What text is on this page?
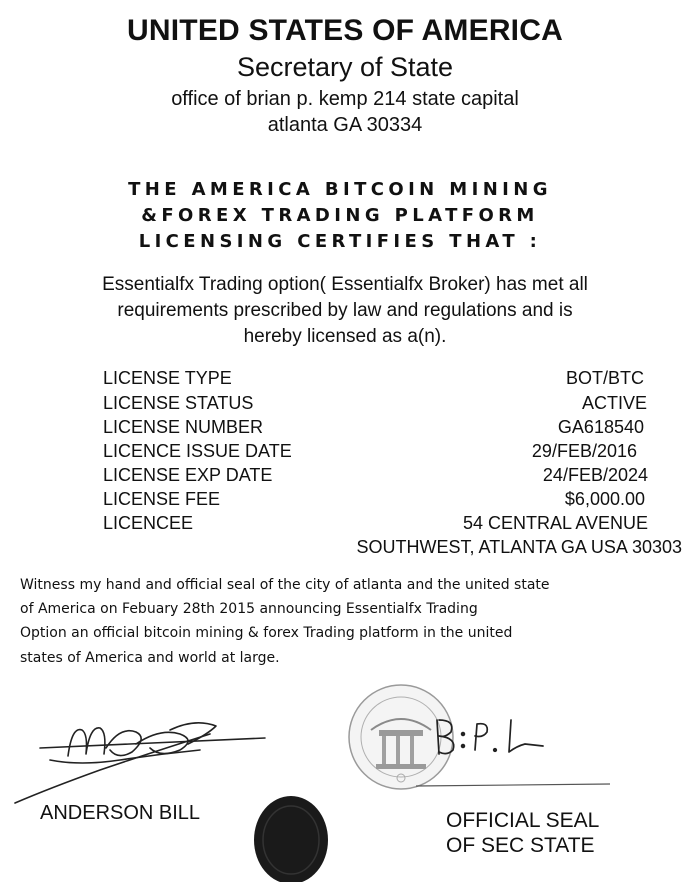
UNITED STATES OF AMERICA
Secretary of State
office of brian p. kemp 214 state capital
atlanta GA 30334
THE AMERICA BITCOIN MINING
&FOREX TRADING PLATFORM
LICENSING CERTIFIES THAT :
Essentialfx Trading option( Essentialfx Broker) has met all
requirements prescribed by law and regulations and is
hereby licensed as a(n).
LICENSE TYPE	BOT/BTC
LICENSE STATUS	ACTIVE
LICENSE NUMBER	GA618540
LICENCE ISSUE DATE	29/FEB/2016
LICENSE EXP DATE	24/FEB/2024
LICENSE FEE	$6,000.00
LICENCEE	54 CENTRAL AVENUE
SOUTHWEST, ATLANTA GA USA 30303
Witness my hand and official seal of the city of atlanta and the united state
of America on Febuary 28th 2015 announcing Essentialfx Trading
Option an official bitcoin mining & forex Trading platform in the united
states of America and world at large.
ANDERSON BILL	OFFICIAL SEAL
OF SEC STATE
